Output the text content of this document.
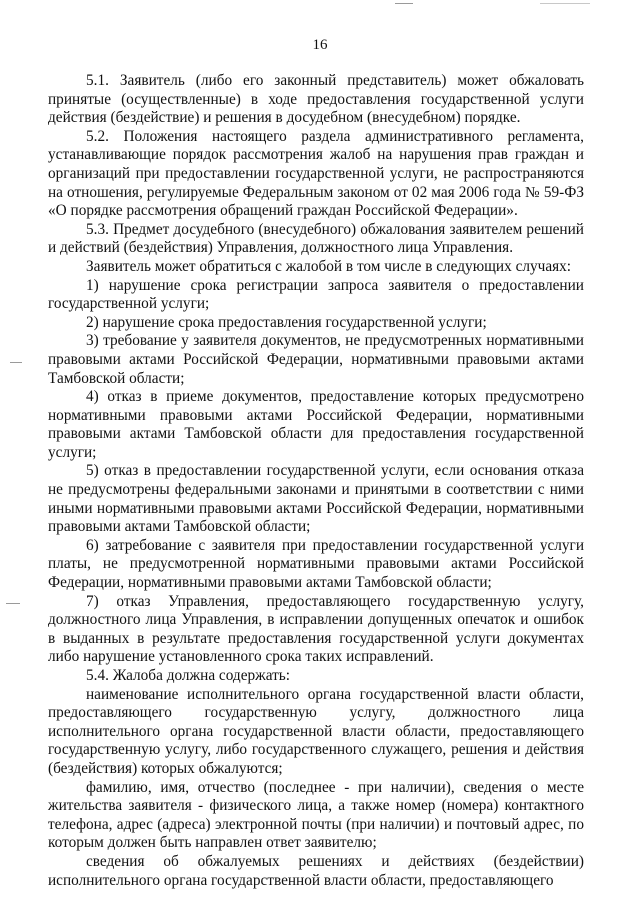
16

5.1. Заявитель (либо его законный представитель) может обжаловать принятые (осуществленные) в ходе предоставления государственной услуги действия (бездействие) и решения в досудебном (внесудебном) порядке.

5.2. Положения настоящего раздела административного регламента, устанавливающие порядок рассмотрения жалоб на нарушения прав граждан и организаций при предоставлении государственной услуги, не распространяются на отношения, регулируемые Федеральным законом от 02 мая 2006 года № 59-ФЗ «О порядке рассмотрения обращений граждан Российской Федерации».

5.3. Предмет досудебного (внесудебного) обжалования заявителем решений и действий (бездействия) Управления, должностного лица Управления.

Заявитель может обратиться с жалобой в том числе в следующих случаях:

1) нарушение срока регистрации запроса заявителя о предоставлении государственной услуги;

2) нарушение срока предоставления государственной услуги;

3) требование у заявителя документов, не предусмотренных нормативными правовыми актами Российской Федерации, нормативными правовыми актами Тамбовской области;

4) отказ в приеме документов, предоставление которых предусмотрено нормативными правовыми актами Российской Федерации, нормативными правовыми актами Тамбовской области для предоставления государственной услуги;

5) отказ в предоставлении государственной услуги, если основания отказа не предусмотрены федеральными законами и принятыми в соответствии с ними иными нормативными правовыми актами Российской Федерации, нормативными правовыми актами Тамбовской области;

6) затребование с заявителя при предоставлении государственной услуги платы, не предусмотренной нормативными правовыми актами Российской Федерации, нормативными правовыми актами Тамбовской области;

7) отказ Управления, предоставляющего государственную услугу, должностного лица Управления, в исправлении допущенных опечаток и ошибок в выданных в результате предоставления государственной услуги документах либо нарушение установленного срока таких исправлений.

5.4. Жалоба должна содержать:

наименование исполнительного органа государственной власти области, предоставляющего государственную услугу, должностного лица исполнительного органа государственной власти области, предоставляющего государственную услугу, либо государственного служащего, решения и действия (бездействия) которых обжалуются;

фамилию, имя, отчество (последнее - при наличии), сведения о месте жительства заявителя - физического лица, а также номер (номера) контактного телефона, адрес (адреса) электронной почты (при наличии) и почтовый адрес, по которым должен быть направлен ответ заявителю;

сведения об обжалуемых решениях и действиях (бездействии) исполнительного органа государственной власти области, предоставляющего
